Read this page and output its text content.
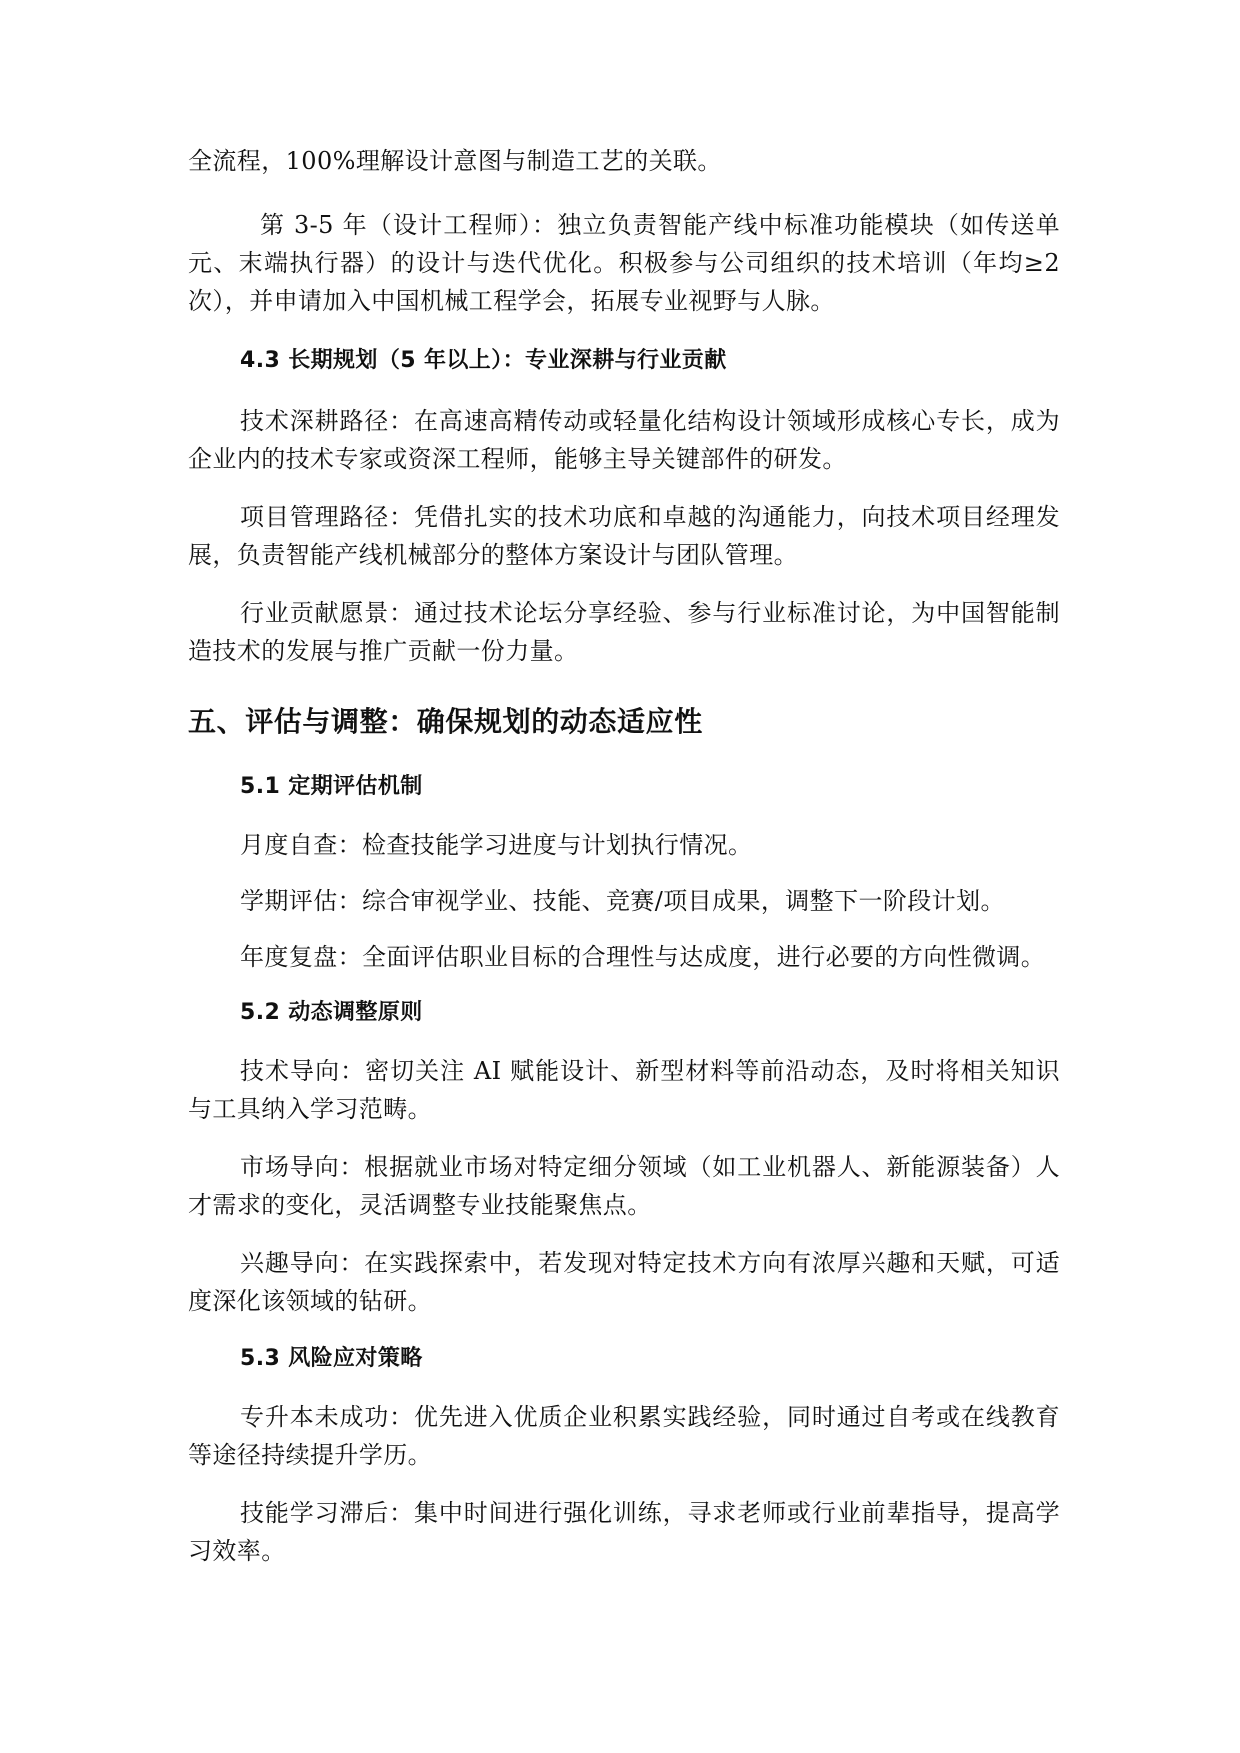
全流程，100%理解设计意图与制造工艺的关联。

第 3-5 年（设计工程师）：独立负责智能产线中标准功能模块（如传送单元、末端执行器）的设计与迭代优化。积极参与公司组织的技术培训（年均≥2次），并申请加入中国机械工程学会，拓展专业视野与人脉。

4.3 长期规划（5 年以上）：专业深耕与行业贡献

技术深耕路径：在高速高精传动或轻量化结构设计领域形成核心专长，成为企业内的技术专家或资深工程师，能够主导关键部件的研发。

项目管理路径：凭借扎实的技术功底和卓越的沟通能力，向技术项目经理发展，负责智能产线机械部分的整体方案设计与团队管理。

行业贡献愿景：通过技术论坛分享经验、参与行业标准讨论，为中国智能制造技术的发展与推广贡献一份力量。

五、评估与调整：确保规划的动态适应性
5.1 定期评估机制

月度自查：检查技能学习进度与计划执行情况。

学期评估：综合审视学业、技能、竞赛/项目成果，调整下一阶段计划。

年度复盘：全面评估职业目标的合理性与达成度，进行必要的方向性微调。

5.2 动态调整原则

技术导向：密切关注 AI 赋能设计、新型材料等前沿动态，及时将相关知识与工具纳入学习范畴。

市场导向：根据就业市场对特定细分领域（如工业机器人、新能源装备）人才需求的变化，灵活调整专业技能聚焦点。

兴趣导向：在实践探索中，若发现对特定技术方向有浓厚兴趣和天赋，可适度深化该领域的钻研。

5.3 风险应对策略

专升本未成功：优先进入优质企业积累实践经验，同时通过自考或在线教育等途径持续提升学历。

技能学习滞后：集中时间进行强化训练，寻求老师或行业前辈指导，提高学习效率。
